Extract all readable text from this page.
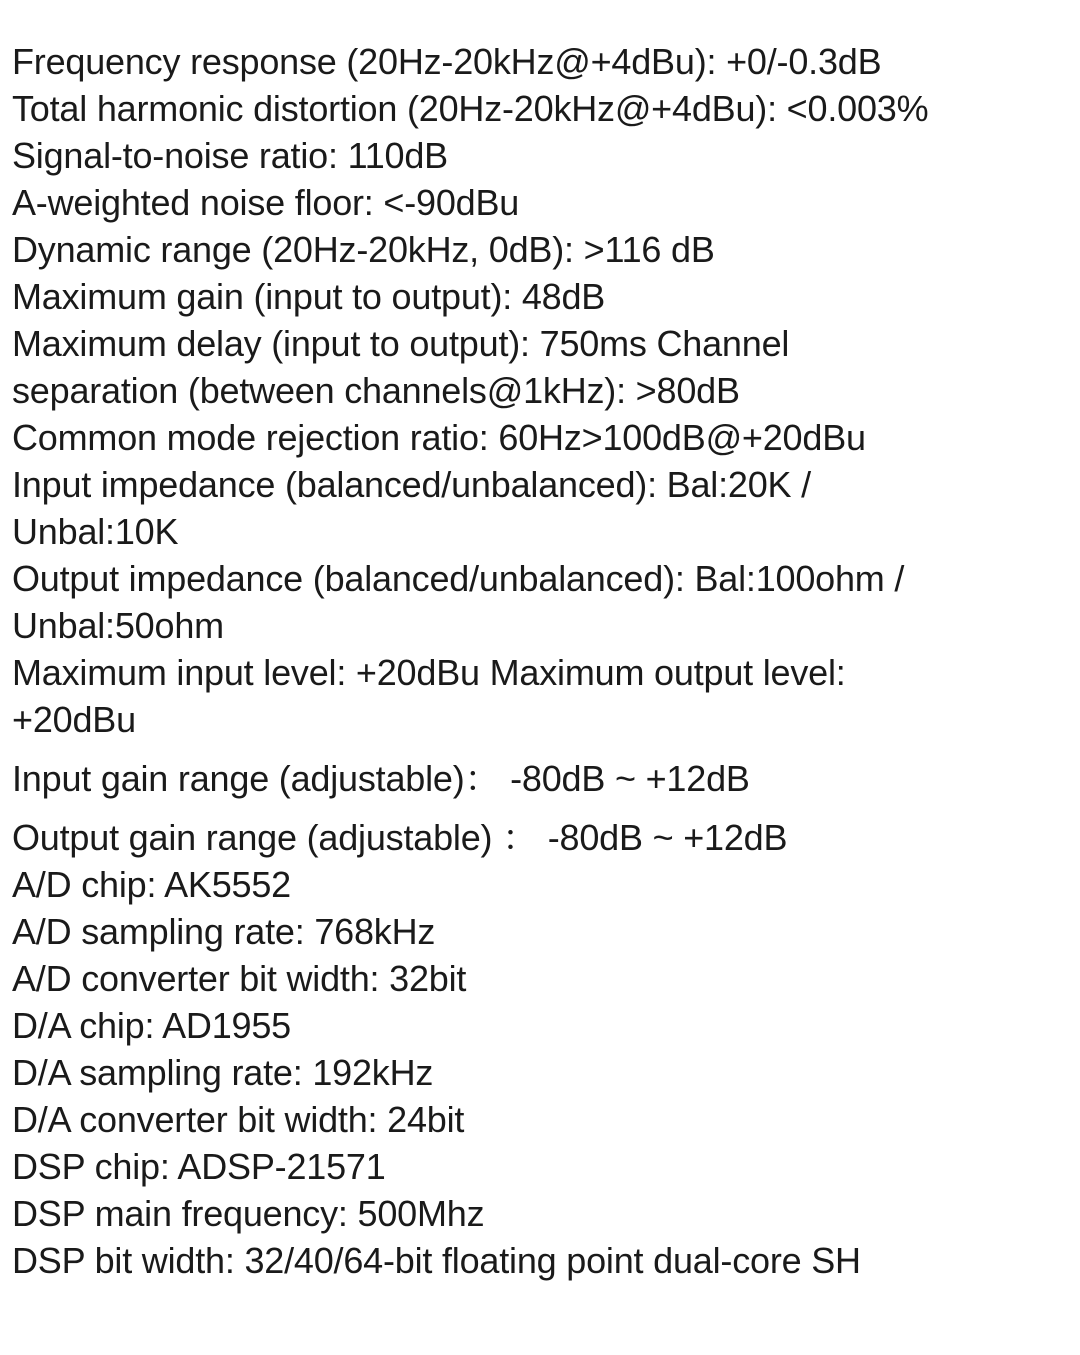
Frequency response (20Hz-20kHz@+4dBu): +0/-0.3dB
Total harmonic distortion (20Hz-20kHz@+4dBu): <0.003%
Signal-to-noise ratio: 110dB
A-weighted noise floor: <-90dBu
Dynamic range (20Hz-20kHz, 0dB): >116 dB
Maximum gain (input to output): 48dB
Maximum delay (input to output): 750ms Channel
separation (between channels@1kHz): >80dB
Common mode rejection ratio: 60Hz>100dB@+20dBu
Input impedance (balanced/unbalanced): Bal:20K /
Unbal:10K
Output impedance (balanced/unbalanced): Bal:100ohm /
Unbal:50ohm
Maximum input level: +20dBu Maximum output level:
+20dBu
Input gain range (adjustable)： -80dB ~ +12dB
Output gain range (adjustable) ： -80dB ~ +12dB
A/D chip: AK5552
A/D sampling rate: 768kHz
A/D converter bit width: 32bit
D/A chip: AD1955
D/A sampling rate: 192kHz
D/A converter bit width: 24bit
DSP chip: ADSP-21571
DSP main frequency: 500Mhz
DSP bit width: 32/40/64-bit floating point dual-core SH
